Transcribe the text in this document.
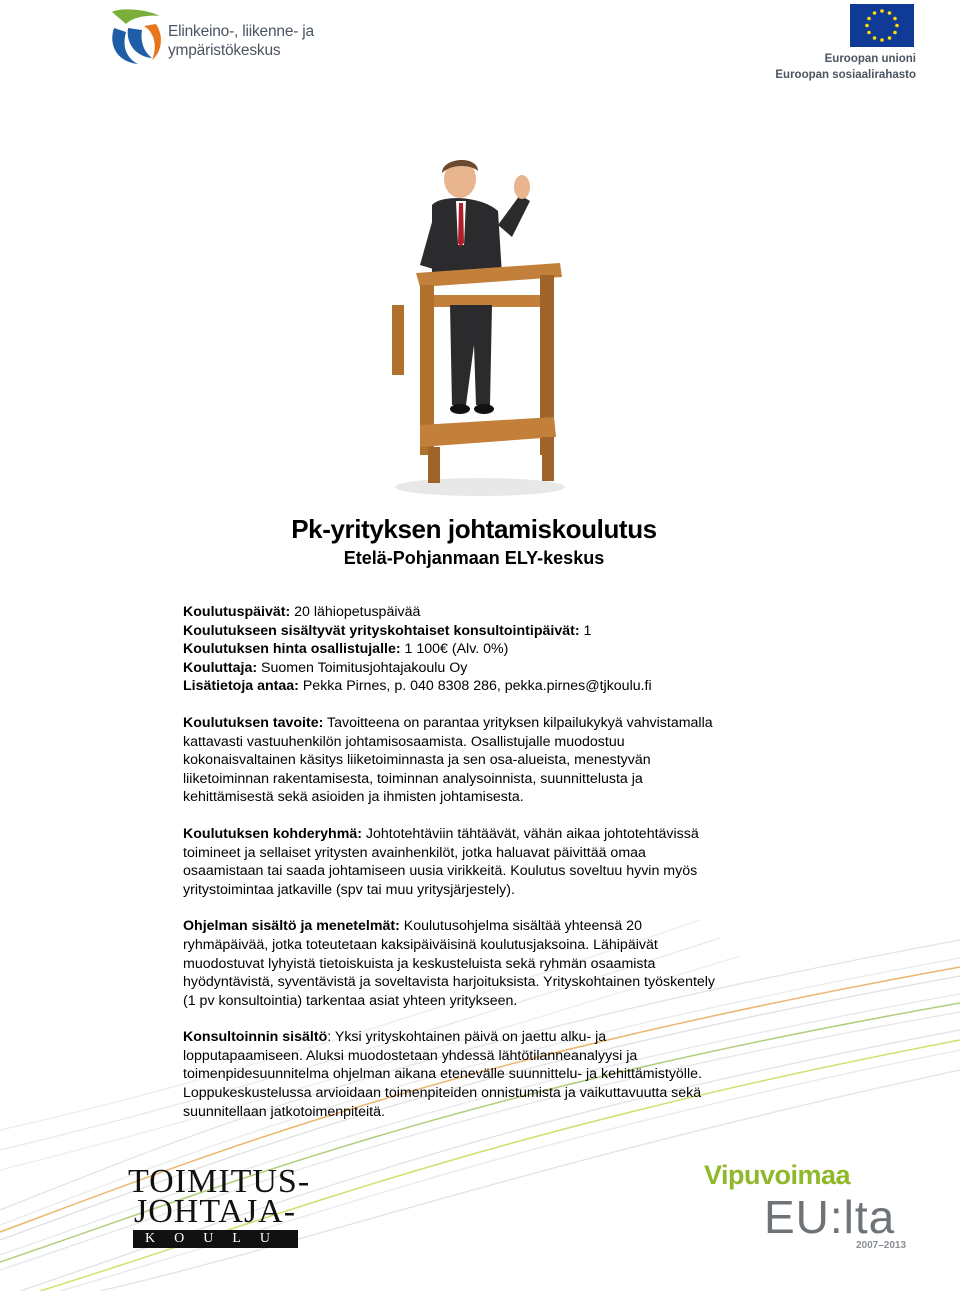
Elinkeino-, liikenne- ja
ympäristökeskus	Euroopan unioni
Euroopan sosiaalirahasto
Pk-yrityksen johtamiskoulutus
Etelä-Pohjanmaan ELY-keskus
Koulutuspäivät: 20 lähiopetuspäivää
Koulutukseen sisältyvät yrityskohtaiset konsultointipäivät: 1
Koulutuksen hinta osallistujalle: 1 100€ (Alv. 0%)
Kouluttaja: Suomen Toimitusjohtajakoulu Oy
Lisätietoja antaa: Pekka Pirnes, p. 040 8308 286, pekka.pirnes@tjkoulu.fi
Koulutuksen tavoite: Tavoitteena on parantaa yrityksen kilpailukykyä vahvistamalla kattavasti vastuuhenkilön johtamisosaamista. Osallistujalle muodostuu kokonaisvaltainen käsitys liiketoiminnasta ja sen osa-alueista, menestyvän liiketoiminnan rakentamisesta, toiminnan analysoinnista, suunnittelusta ja kehittämisestä sekä asioiden ja ihmisten johtamisesta.
Koulutuksen kohderyhmä: Johtotehtäviin tähtäävät, vähän aikaa johtotehtävissä toimineet ja sellaiset yritysten avainhenkilöt, jotka haluavat päivittää omaa osaamistaan tai saada johtamiseen uusia virikkeitä. Koulutus soveltuu hyvin myös yritystoimintaa jatkaville (spv tai muu yritysjärjestely).
Ohjelman sisältö ja menetelmät: Koulutusohjelma sisältää yhteensä 20 ryhmäpäivää, jotka toteutetaan kaksipäiväisinä koulutusjaksoina. Lähipäivät muodostuvat lyhyistä tietoiskuista ja keskusteluista sekä ryhmän osaamista hyödyntävistä, syventävistä ja soveltavista harjoituksista. Yrityskohtainen työskentely (1 pv konsultointia) tarkentaa asiat yhteen yritykseen.
Konsultoinnin sisältö: Yksi yrityskohtainen päivä on jaettu alku- ja lopputapaamiseen. Aluksi muodostetaan yhdessä lähtötilanneanalyysi ja toimenpidesuunnitelma ohjelman aikana etenevälle suunnittelu- ja kehittämistyölle. Loppukeskustelussa arvioidaan toimenpiteiden onnistumista ja vaikuttavuutta sekä suunnitellaan jatkotoimenpiteitä.
TOIMITUS-
JOHTAJA-
KOULU
Vipuvoimaa
EU:lta
2007–2013
